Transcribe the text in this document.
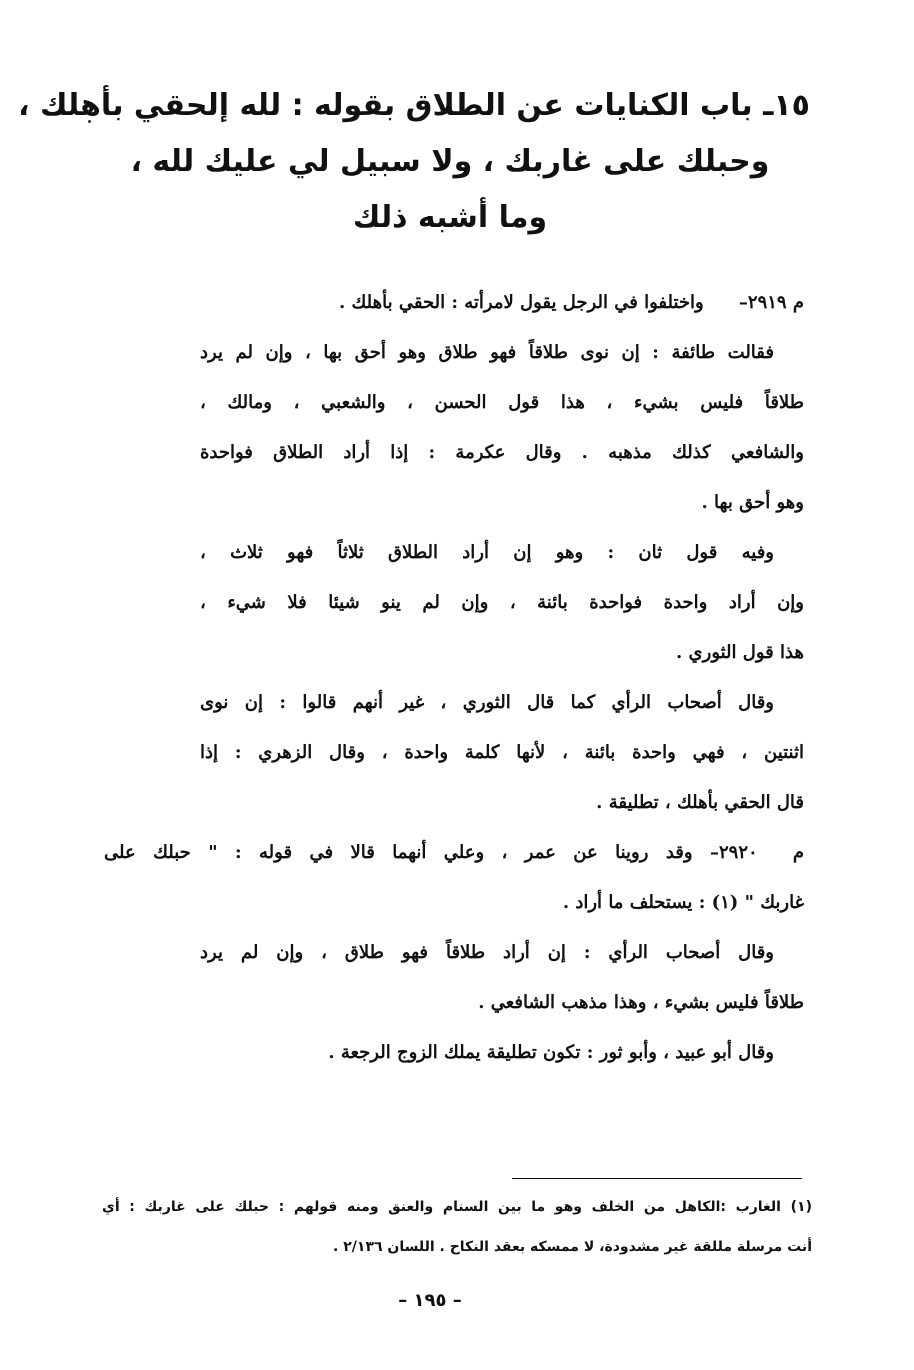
١٥ـ باب الكنايات عن الطلاق بقوله : لله إلحقي بأهلك ،
وحبلك على غاربك ، ولا سبيل لي عليك لله ،
وما أشبه ذلك
م ٢٩١٩– واختلفوا في الرجل يقول لامرأته : الحقي بأهلك .
فقالت طائفة : إن نوى طلاقاً فهو طلاق وهو أحق بها ، وإن لم يرد
طلاقاً فليس بشيء ، هذا قول الحسن ، والشعبي ، ومالك ،
والشافعي كذلك مذهبه . وقال عكرمة : إذا أراد الطلاق فواحدة
وهو أحق بها .
وفيه قول ثان : وهو إن أراد الطلاق ثلاثاً فهو ثلاث ،
وإن أراد واحدة فواحدة بائنة ، وإن لم ينو شيئا فلا شيء ،
هذا قول الثوري .
وقال أصحاب الرأي كما قال الثوري ، غير أنهم قالوا : إن نوى
اثنتين ، فهي واحدة بائنة ، لأنها كلمة واحدة ، وقال الزهري : إذا
قال الحقي بأهلك ، تطليقة .
م ٢٩٢٠– وقد روينا عن عمر ، وعلي أنهما قالا في قوله : " حبلك على
غاربك " (١) : يستحلف ما أراد .
وقال أصحاب الرأي : إن أراد طلاقاً فهو طلاق ، وإن لم يرد
طلاقاً فليس بشيء ، وهذا مذهب الشافعي .
وقال أبو عبيد ، وأبو ثور : تكون تطليقة يملك الزوج الرجعة .
(١) الغارب :الكاهل من الخلف وهو ما بين السنام والعنق ومنه قولهم : حبلك على غاربك : أي
أنت مرسلة مللقة غير مشدودة، لا ممسكه بعقد النكاح . اللسان ٢/١٣٦ .
– ١٩٥ –
